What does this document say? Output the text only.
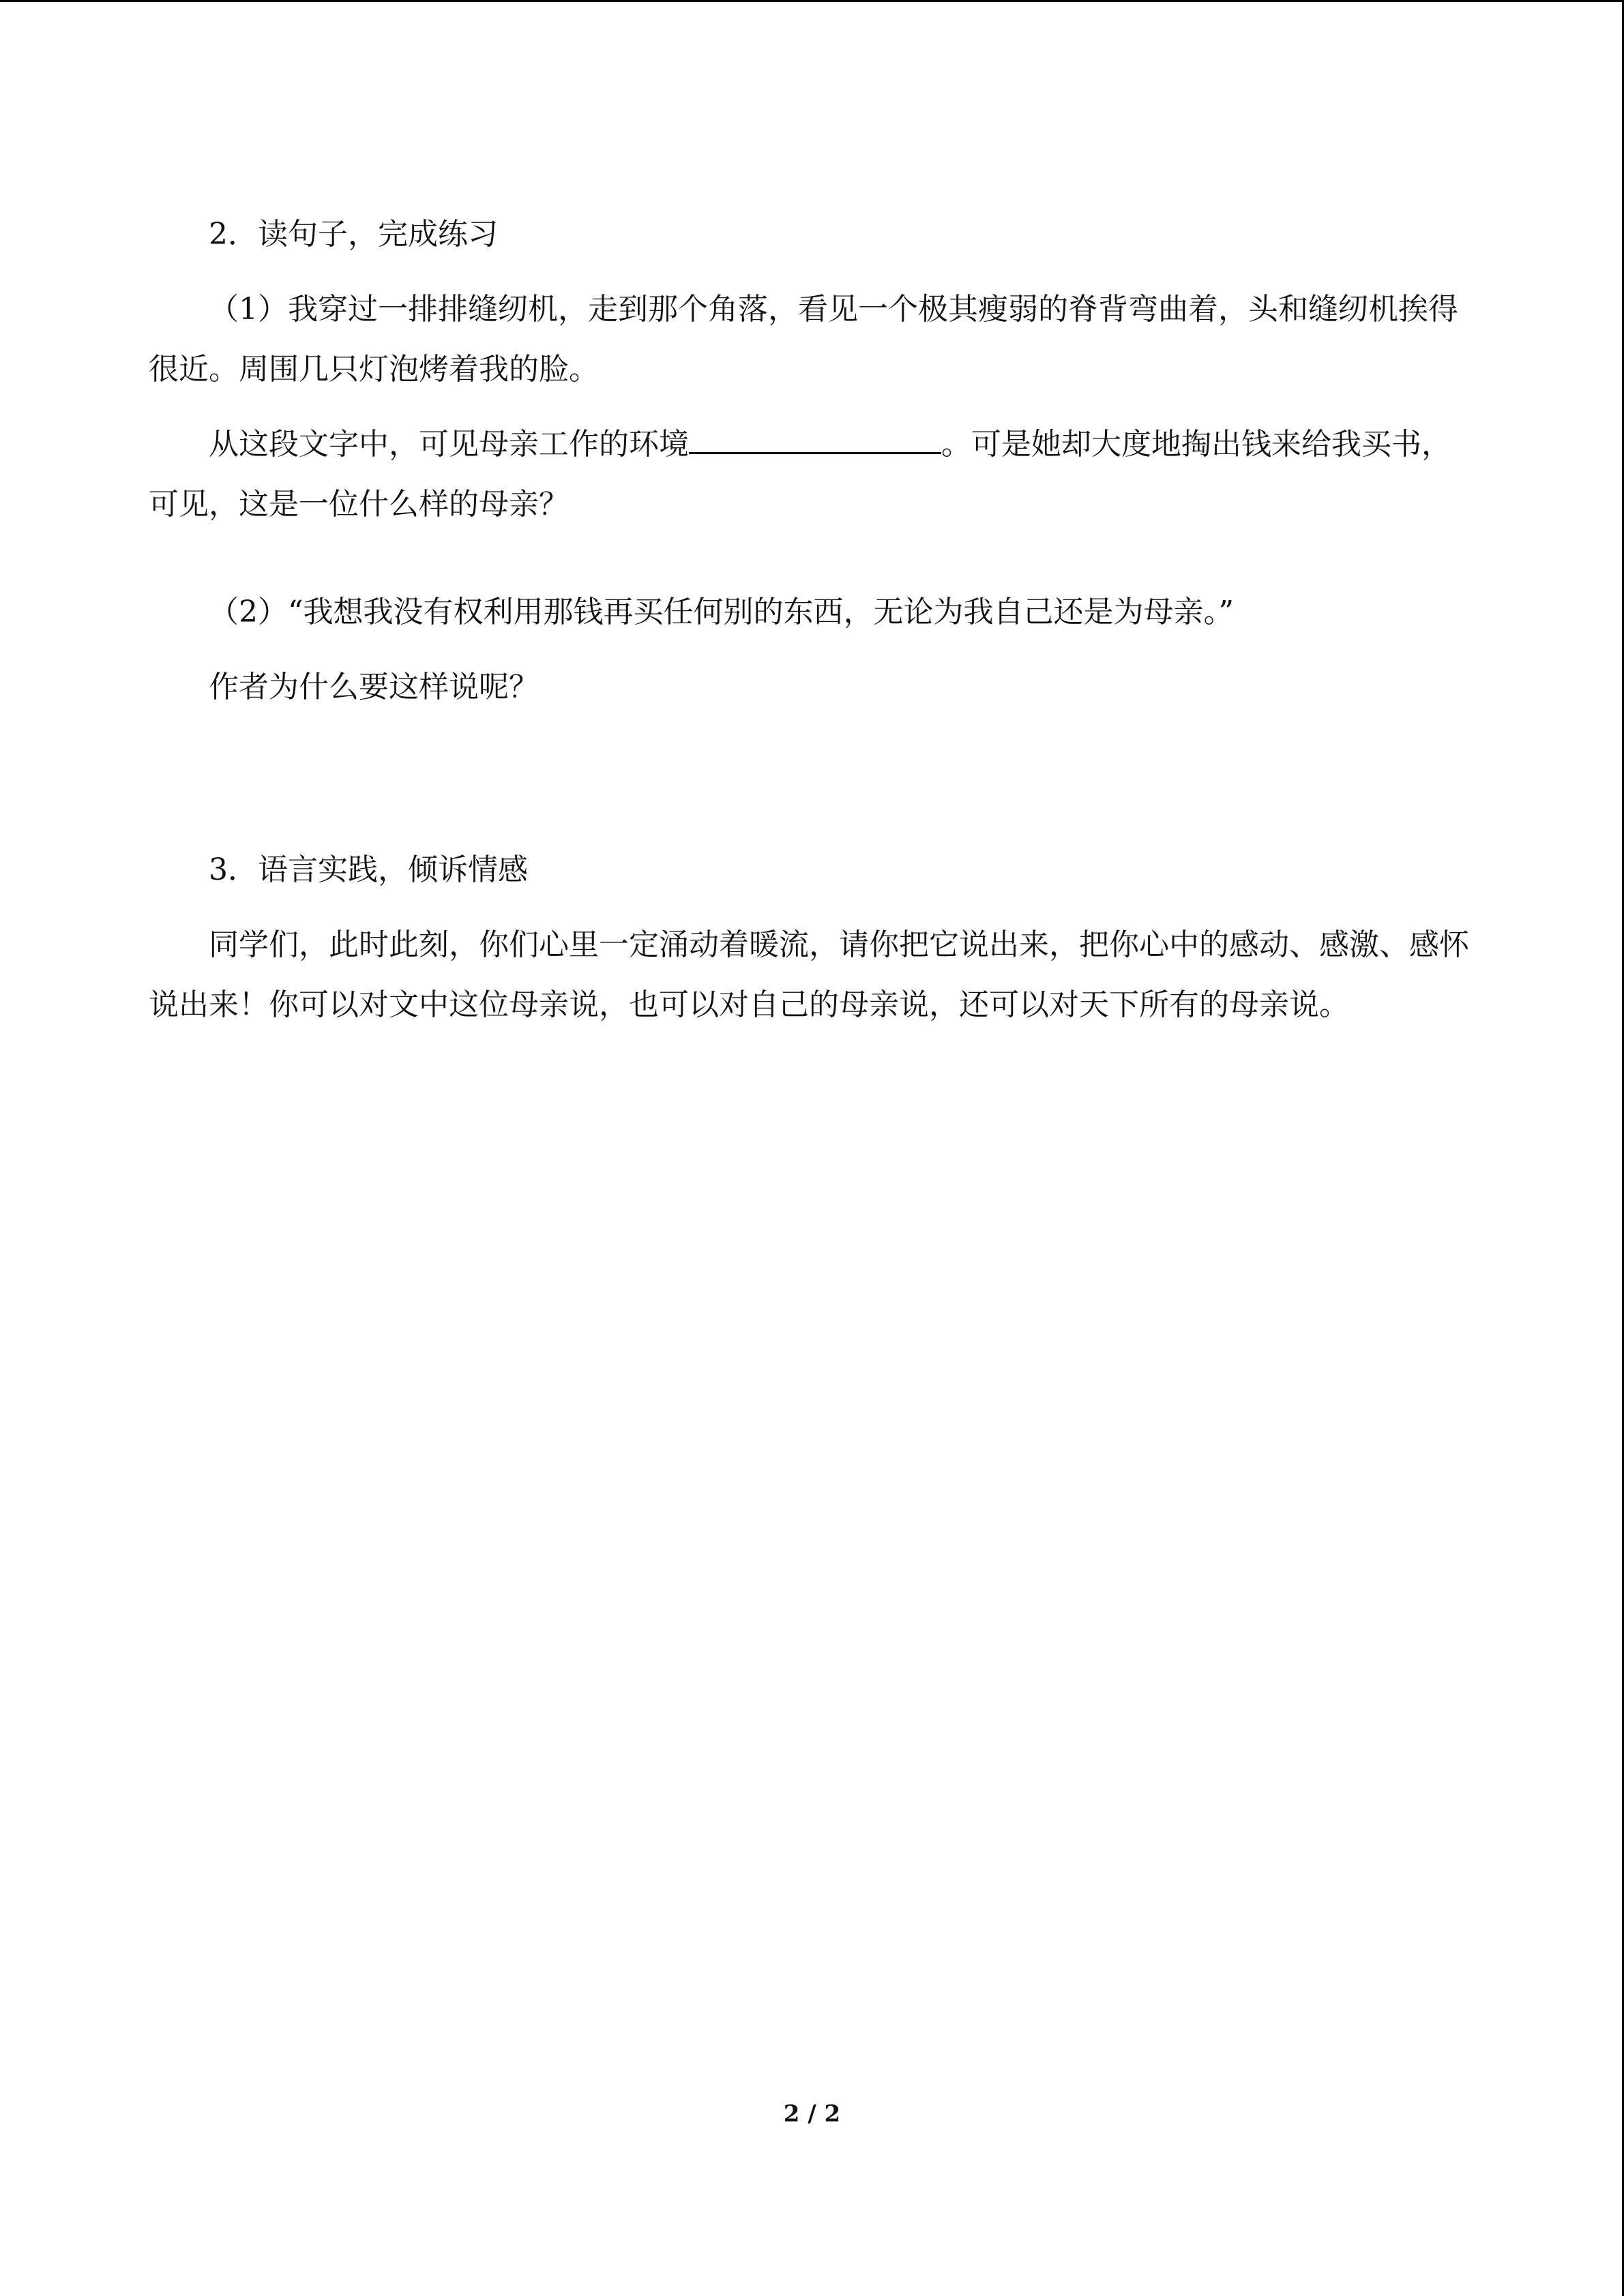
2．读句子，完成练习

（1）我穿过一排排缝纫机，走到那个角落，看见一个极其瘦弱的脊背弯曲着，头和缝纫机挨得很近。周围几只灯泡烤着我的脸。

从这段文字中，可见母亲工作的环境	。可是她却大度地掏出钱来给我买书，可见，这是一位什么样的母亲？

（2）“我想我没有权利用那钱再买任何别的东西，无论为我自己还是为母亲。”

作者为什么要这样说呢？

3．语言实践，倾诉情感

同学们，此时此刻，你们心里一定涌动着暖流，请你把它说出来，把你心中的感动、感激、感怀说出来！你可以对文中这位母亲说，也可以对自己的母亲说，还可以对天下所有的母亲说。

2 / 2
